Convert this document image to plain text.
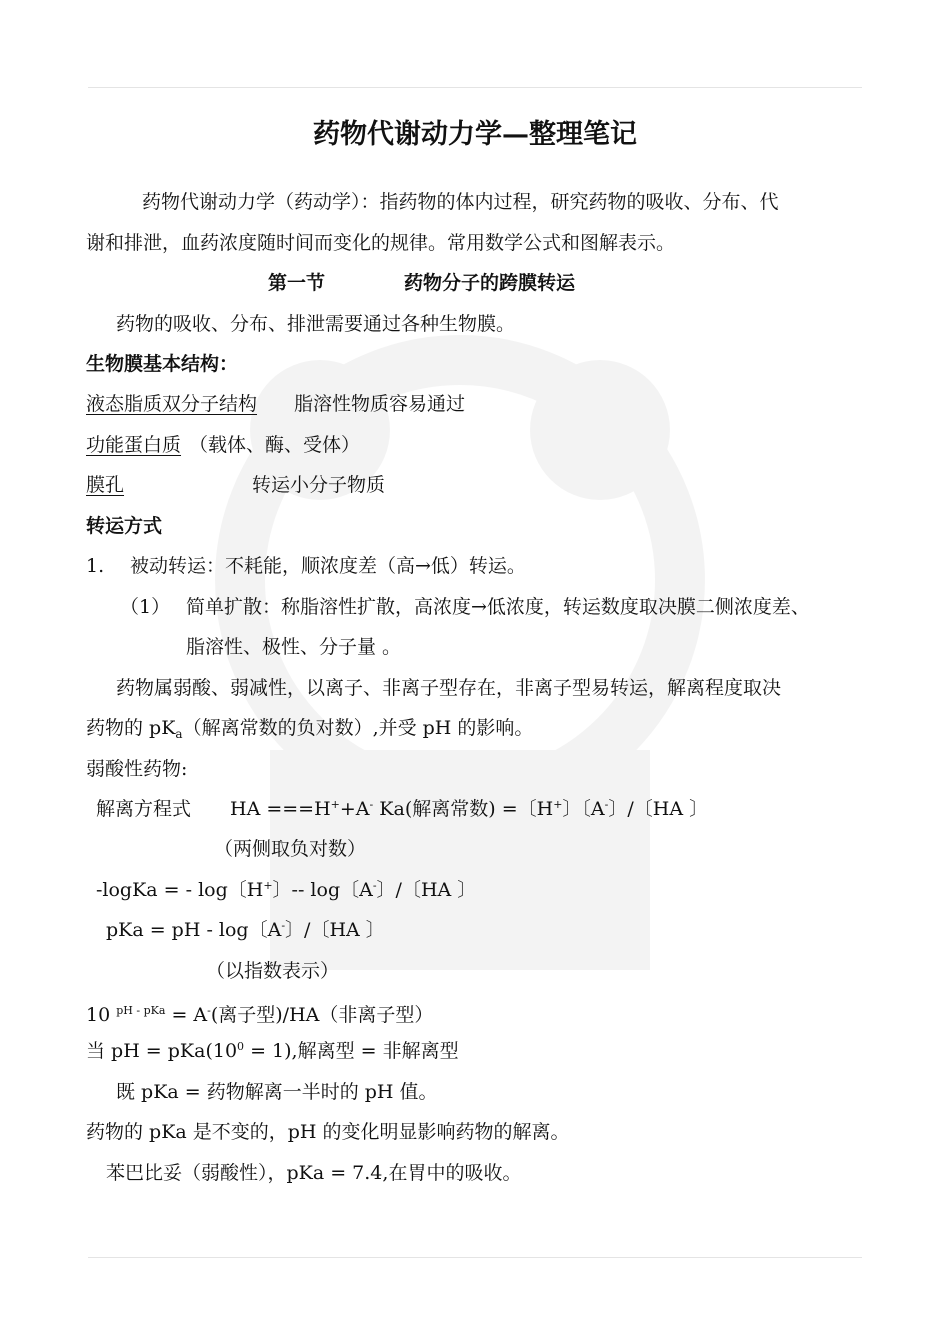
药物代谢动力学—整理笔记
药物代谢动力学（药动学）：指药物的体内过程，研究药物的吸收、分布、代
谢和排泄，血药浓度随时间而变化的规律。常用数学公式和图解表示。
第一节	药物分子的跨膜转运
药物的吸收、分布、排泄需要通过各种生物膜。
生物膜基本结构：
液态脂质双分子结构 脂溶性物质容易通过
功能蛋白质 （载体、酶、受体）
膜孔	转运小分子物质
转运方式
1. 被动转运：不耗能，顺浓度差（高→低）转运。
（1） 简单扩散：称脂溶性扩散，高浓度→低浓度，转运数度取决膜二侧浓度差、
脂溶性、极性、分子量 。
药物属弱酸、弱减性，以离子、非离子型存在，非离子型易转运，解离程度取决
药物的 $pK_a$（解离常数的负对数）,并受 pH 的影响。
弱酸性药物:
解离方程式 HA ===H++A- Ka(解离常数) =〔H+〕〔A-〕/〔HA 〕
（两侧取负对数）
-logKa = - log〔H+〕-- log〔A-〕/〔HA 〕
pKa = pH - log〔A-〕/〔HA 〕
（以指数表示）
10 $^{pH - pKa}$ = A-(离子型)/HA（非离子型）
当 pH = $pKa(10^0 = 1)$,解离型 = 非解离型
既 pKa = 药物解离一半时的 pH 值。
药物的 pKa 是不变的，pH 的变化明显影响药物的解离。
苯巴比妥（弱酸性），pKa = 7.4,在胃中的吸收。
